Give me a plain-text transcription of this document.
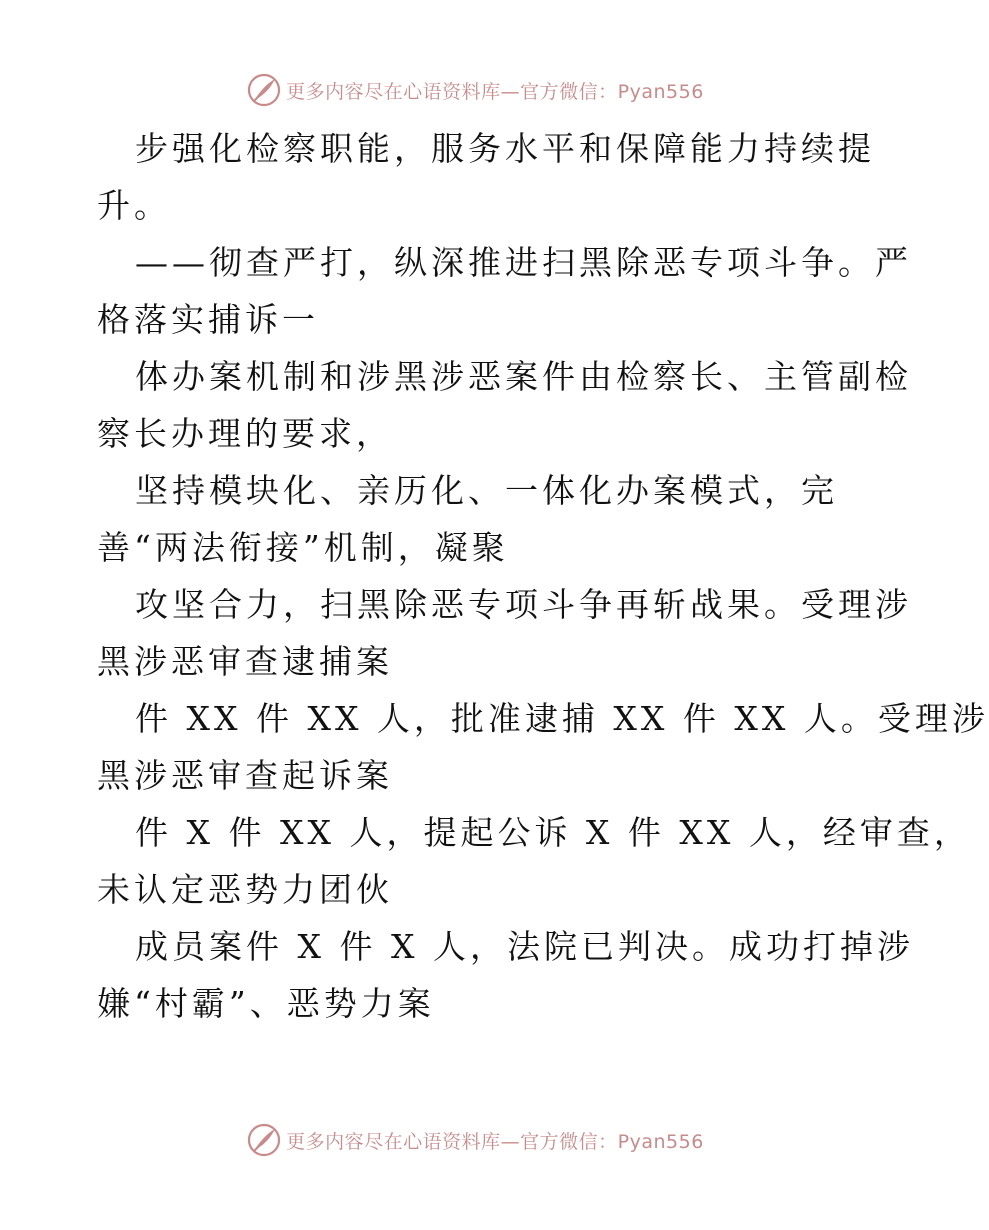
更多内容尽在心语资料库—官方微信：Pyan556
步强化检察职能，服务水平和保障能力持续提
升。
——彻查严打，纵深推进扫黑除恶专项斗争。严
格落实捕诉一
体办案机制和涉黑涉恶案件由检察长、主管副检
察长办理的要求，
坚持模块化、亲历化、一体化办案模式，完
善“两法衔接”机制，凝聚
攻坚合力，扫黑除恶专项斗争再斩战果。受理涉
黑涉恶审查逮捕案
件 XX 件 XX 人，批准逮捕 XX 件 XX 人。受理涉
黑涉恶审查起诉案
件 X 件 XX 人，提起公诉 X 件 XX 人，经审查，
未认定恶势力团伙
成员案件 X 件 X 人，法院已判决。成功打掉涉
嫌“村霸”、恶势力案
更多内容尽在心语资料库—官方微信：Pyan556
